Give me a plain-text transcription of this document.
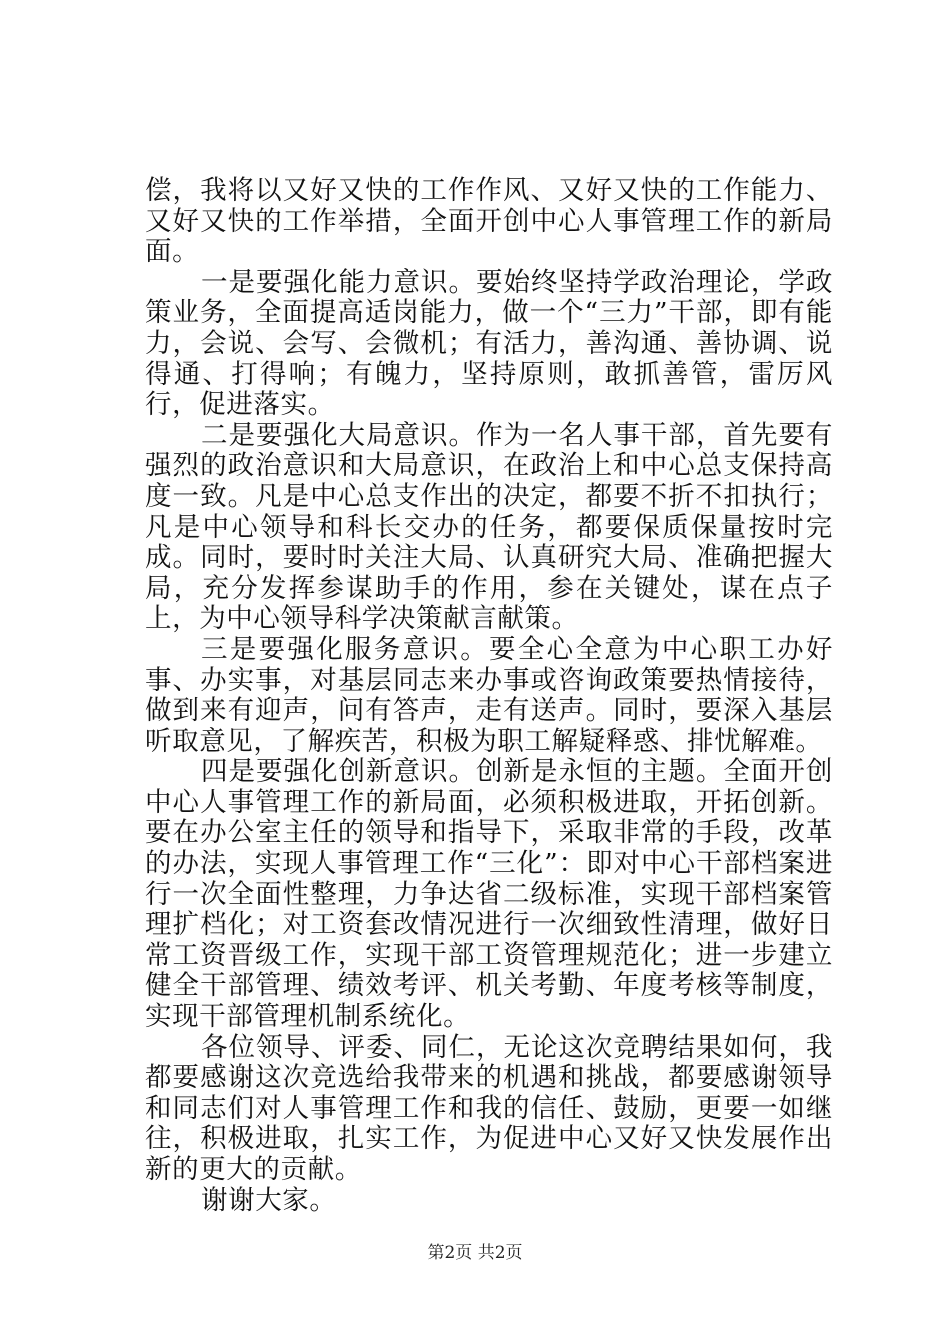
偿，我将以又好又快的工作作风、又好又快的工作能力、又好又快的工作举措，全面开创中心人事管理工作的新局面。

一是要强化能力意识。要始终坚持学政治理论，学政策业务，全面提高适岗能力，做一个“三力”干部，即有能力，会说、会写、会微机；有活力，善沟通、善协调、说得通、打得响；有魄力，坚持原则，敢抓善管，雷厉风行，促进落实。

二是要强化大局意识。作为一名人事干部，首先要有强烈的政治意识和大局意识，在政治上和中心总支保持高度一致。凡是中心总支作出的决定，都要不折不扣执行；凡是中心领导和科长交办的任务，都要保质保量按时完成。同时，要时时关注大局、认真研究大局、准确把握大局，充分发挥参谋助手的作用，参在关键处，谋在点子上，为中心领导科学决策献言献策。

三是要强化服务意识。要全心全意为中心职工办好事、办实事，对基层同志来办事或咨询政策要热情接待，做到来有迎声，问有答声，走有送声。同时，要深入基层听取意见，了解疾苦，积极为职工解疑释惑、排忧解难。

四是要强化创新意识。创新是永恒的主题。全面开创中心人事管理工作的新局面，必须积极进取，开拓创新。要在办公室主任的领导和指导下，采取非常的手段，改革的办法，实现人事管理工作“三化”：即对中心干部档案进行一次全面性整理，力争达省二级标准，实现干部档案管理扩档化；对工资套改情况进行一次细致性清理，做好日常工资晋级工作，实现干部工资管理规范化；进一步建立健全干部管理、绩效考评、机关考勤、年度考核等制度，实现干部管理机制系统化。

各位领导、评委、同仁，无论这次竞聘结果如何，我都要感谢这次竞选给我带来的机遇和挑战，都要感谢领导和同志们对人事管理工作和我的信任、鼓励，更要一如继往，积极进取，扎实工作，为促进中心又好又快发展作出新的更大的贡献。

谢谢大家。

第2页 共2页
